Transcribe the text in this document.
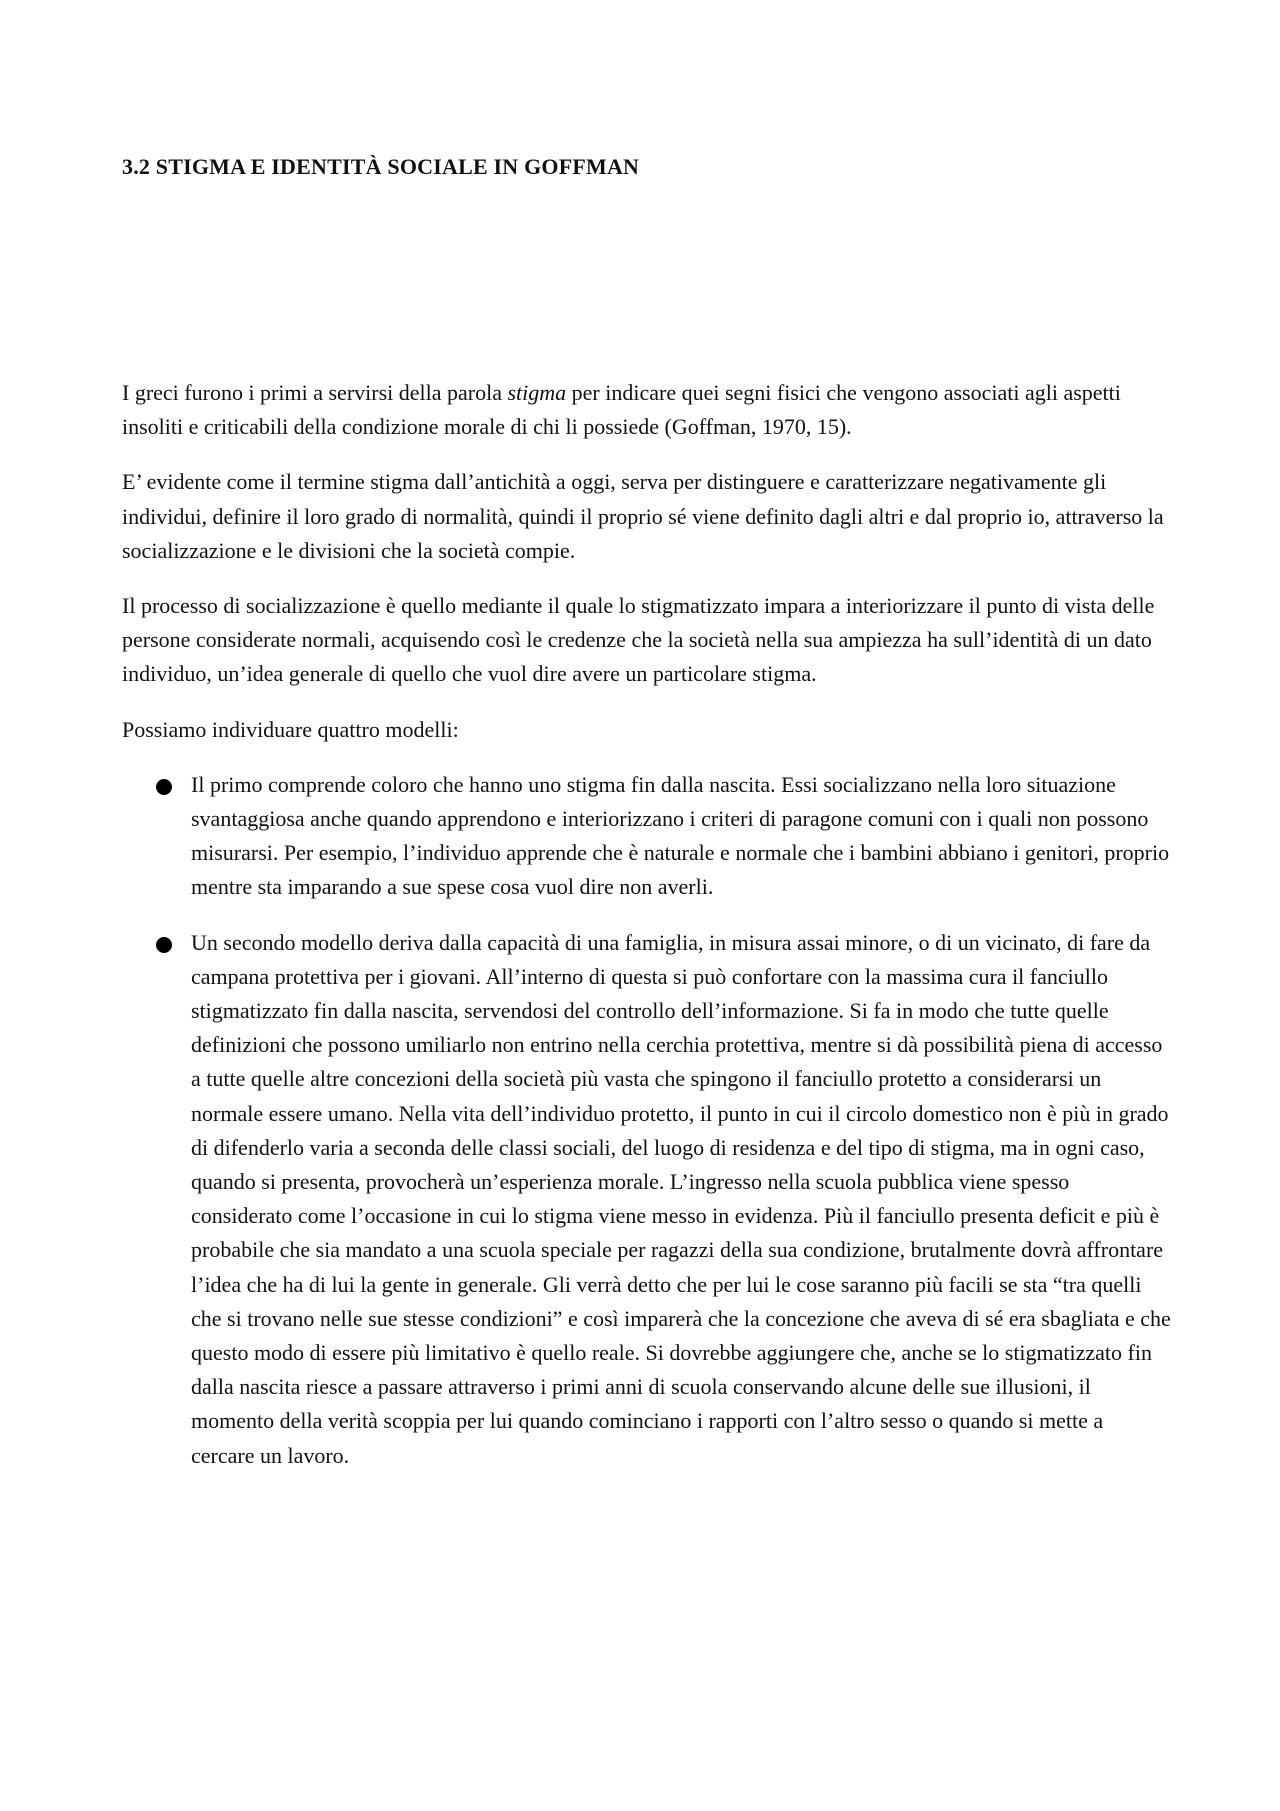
3.2 STIGMA E IDENTITÀ SOCIALE IN GOFFMAN

I greci furono i primi a servirsi della parola stigma per indicare quei segni fisici che vengono associati agli aspetti insoliti e criticabili della condizione morale di chi li possiede (Goffman, 1970, 15).

E’ evidente come il termine stigma dall’antichità a oggi, serva per distinguere e caratterizzare negativamente gli individui, definire il loro grado di normalità, quindi il proprio sé viene definito dagli altri e dal proprio io, attraverso la socializzazione e le divisioni che la società compie.

Il processo di socializzazione è quello mediante il quale lo stigmatizzato impara a interiorizzare il punto di vista delle persone considerate normali, acquisendo così le credenze che la società nella sua ampiezza ha sull’identità di un dato individuo, un’idea generale di quello che vuol dire avere un particolare stigma.

Possiamo individuare quattro modelli:

Il primo comprende coloro che hanno uno stigma fin dalla nascita. Essi socializzano nella loro situazione svantaggiosa anche quando apprendono e interiorizzano i criteri di paragone comuni con i quali non possono misurarsi. Per esempio, l’individuo apprende che è naturale e normale che i bambini abbiano i genitori, proprio mentre sta imparando a sue spese cosa vuol dire non averli.
Un secondo modello deriva dalla capacità di una famiglia, in misura assai minore, o di un vicinato, di fare da campana protettiva per i giovani. All’interno di questa si può confortare con la massima cura il fanciullo stigmatizzato fin dalla nascita, servendosi del controllo dell’informazione. Si fa in modo che tutte quelle definizioni che possono umiliarlo non entrino nella cerchia protettiva, mentre si dà possibilità piena di accesso a tutte quelle altre concezioni della società più vasta che spingono il fanciullo protetto a considerarsi un normale essere umano. Nella vita dell’individuo protetto, il punto in cui il circolo domestico non è più in grado di difenderlo varia a seconda delle classi sociali, del luogo di residenza e del tipo di stigma, ma in ogni caso, quando si presenta, provocherà un’esperienza morale. L’ingresso nella scuola pubblica viene spesso considerato come l’occasione in cui lo stigma viene messo in evidenza. Più il fanciullo presenta deficit e più è probabile che sia mandato a una scuola speciale per ragazzi della sua condizione, brutalmente dovrà affrontare l’idea che ha di lui la gente in generale. Gli verrà detto che per lui le cose saranno più facili se sta “tra quelli che si trovano nelle sue stesse condizioni” e così imparerà che la concezione che aveva di sé era sbagliata e che questo modo di essere più limitativo è quello reale. Si dovrebbe aggiungere che, anche se lo stigmatizzato fin dalla nascita riesce a passare attraverso i primi anni di scuola conservando alcune delle sue illusioni, il momento della verità scoppia per lui quando cominciano i rapporti con l’altro sesso o quando si mette a cercare un lavoro.
